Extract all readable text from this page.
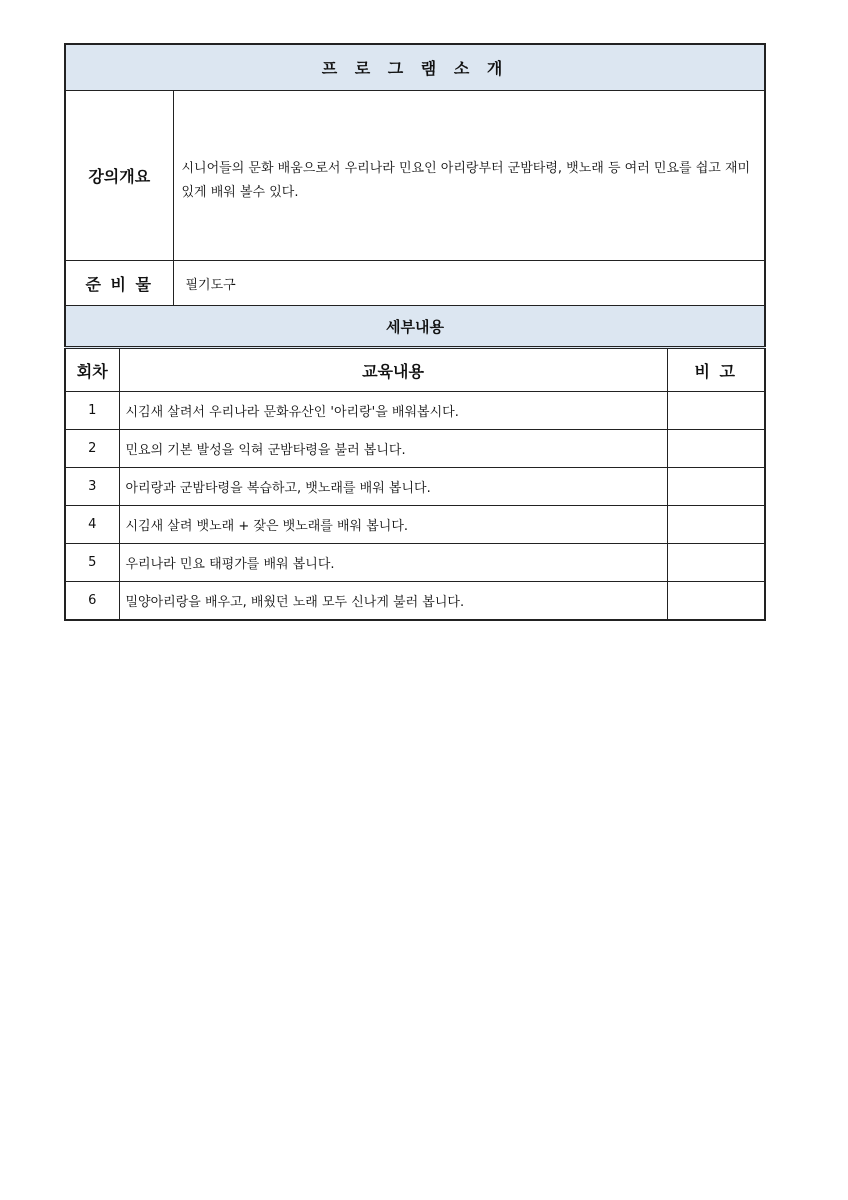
프 로 그 램 소 개			
강의개요		시니어들의 문화 배움으로서 우리나라 민요인 아리랑부터 군밤타령, 뱃노래 등 여러 민요를 쉽고 재미있게 배워 볼수 있다.	
준 비 물		필기도구	
세부내용			
회차	교육내용		비 고
1	시김새 살려서 우리나라 문화유산인 '아리랑'을 배워봅시다.		
2	민요의 기본 발성을 익혀 군밤타령을 불러 봅니다.		
3	아리랑과 군밤타령을 복습하고, 뱃노래를 배워 봅니다.		
4	시김새 살려 뱃노래 + 잦은 뱃노래를 배워 봅니다.		
5	우리나라 민요 태평가를 배워 봅니다.		
6	밀양아리랑을 배우고, 배웠던 노래 모두 신나게 불러 봅니다.		
